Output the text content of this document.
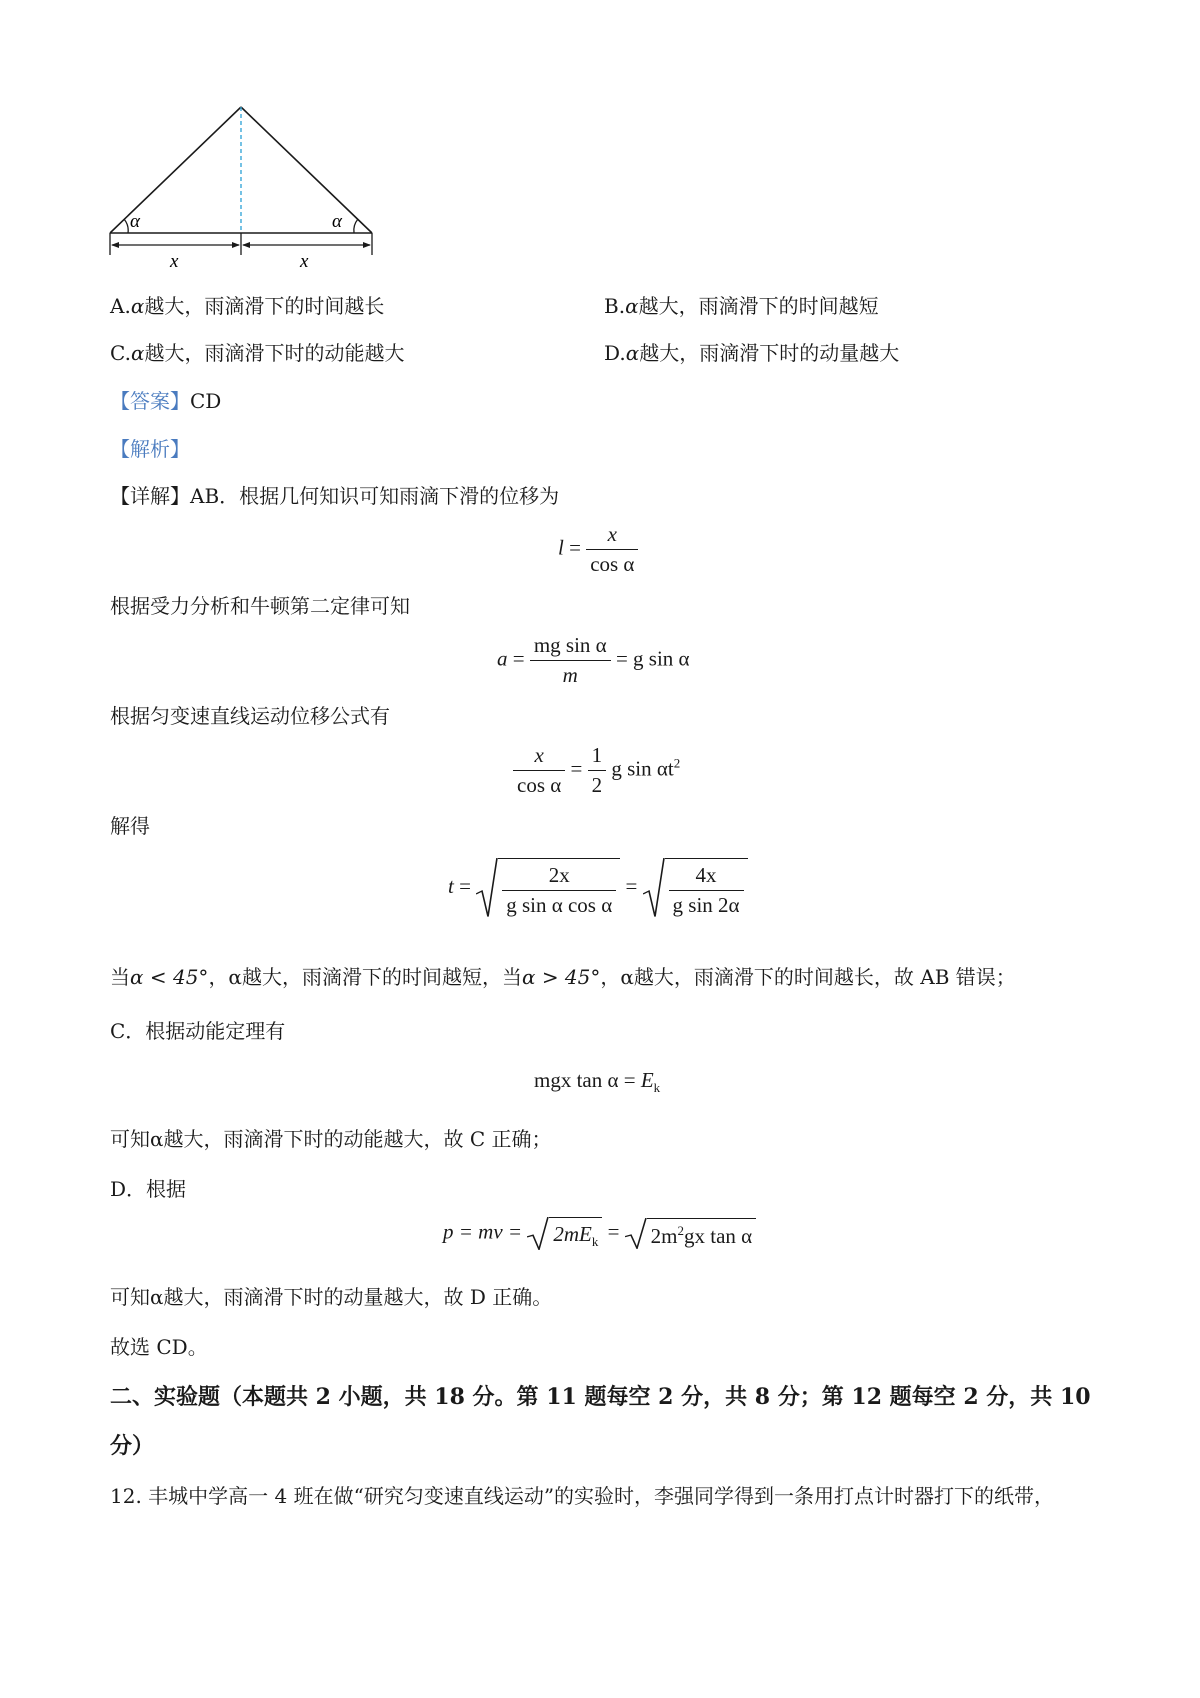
α	α
x	x
A.α越大，雨滴滑下的时间越长	B.α越大，雨滴滑下的时间越短
C.α越大，雨滴滑下时的动能越大	D.α越大，雨滴滑下时的动量越大
【答案】CD
【解析】
【详解】AB．根据几何知识可知雨滴下滑的位移为
$l = \frac{x}{\text{cos α}}$
根据受力分析和牛顿第二定律可知
$a = \frac{\text{mg sin α}}{m} = g$ sin α
根据匀变速直线运动位移公式有
$\frac{x}{\text{cos α}} = \frac{1}{2}$ g $\sin \alpha t^2$
解得
$t = \frac{2x}{\text{g sin α cos α}} = \frac{4x}{\text{g sin 2α}}$
当α < 45°，α越大，雨滴滑下的时间越短，当α > 45°，α越大，雨滴滑下的时间越长，故 AB 错误；
C．根据动能定理有
mgx $\tan \alpha = E_k$
可知α越大，雨滴滑下时的动能越大，故 C 正确；
D．根据
p = mv = $2mE_k$ =
$2m^2gx$ tan α
可知α越大，雨滴滑下时的动量越大，故 D 正确。
故选 CD。
二、实验题（本题共 2 小题，共 18 分。第 11 题每空 2 分，共 8 分；第 12 题每空 2 分，共 10
分）
12. 丰城中学高一 4 班在做“研究匀变速直线运动”的实验时，李强同学得到一条用打点计时器打下的纸带，
